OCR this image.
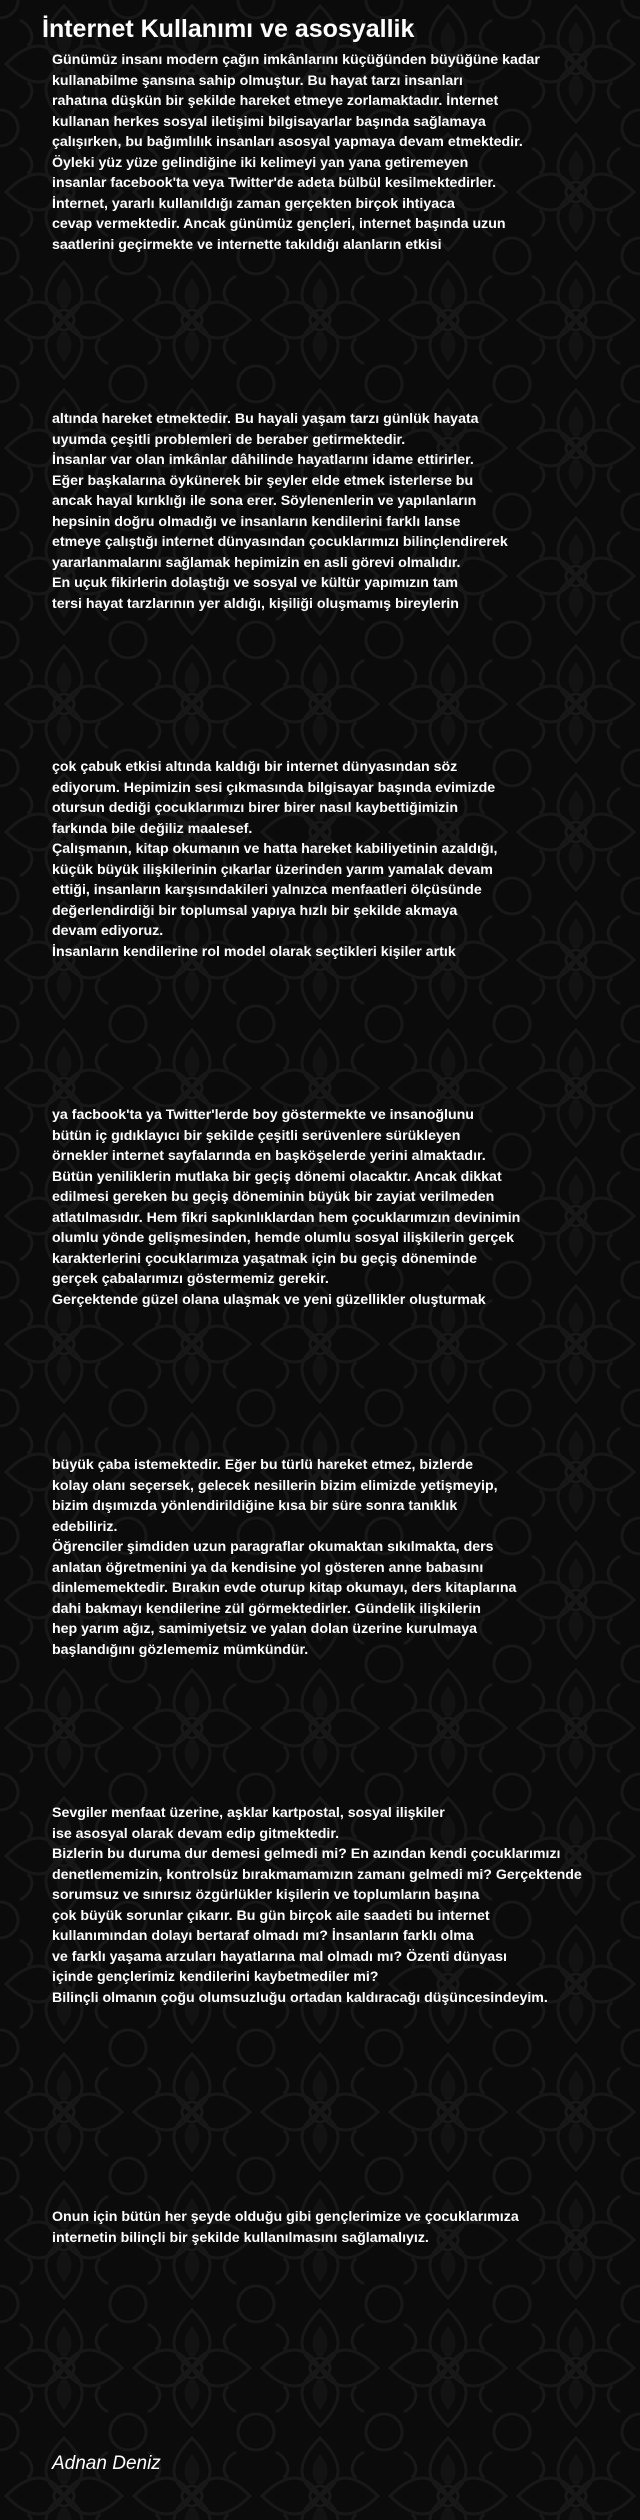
İnternet Kullanımı ve asosyallik
Günümüz insanı modern çağın imkânlarını küçüğünden büyüğüne kadar
kullanabilme şansına sahip olmuştur. Bu hayat tarzı insanları
rahatına düşkün bir şekilde hareket etmeye zorlamaktadır. İnternet
kullanan herkes sosyal iletişimi bilgisayarlar başında sağlamaya
çalışırken, bu bağımlılık insanları asosyal yapmaya devam etmektedir.
Öyleki yüz yüze gelindiğine iki kelimeyi yan yana getiremeyen
insanlar facebook'ta veya Twitter'de adeta bülbül kesilmektedirler.
İnternet, yararlı kullanıldığı zaman gerçekten birçok ihtiyaca
cevap vermektedir. Ancak günümüz gençleri, internet başında uzun
saatlerini geçirmekte ve internette takıldığı alanların etkisi
altında hareket etmektedir. Bu hayali yaşam tarzı günlük hayata
uyumda çeşitli problemleri de beraber getirmektedir.
İnsanlar var olan imkânlar dâhilinde hayatlarını idame ettirirler.
Eğer başkalarına öykünerek bir şeyler elde etmek isterlerse bu
ancak hayal kırıklığı ile sona erer. Söylenenlerin ve yapılanların
hepsinin doğru olmadığı ve insanların kendilerini farklı lanse
etmeye çalıştığı internet dünyasından çocuklarımızı bilinçlendirerek
yararlanmalarını sağlamak hepimizin en asli görevi olmalıdır.
En uçuk fikirlerin dolaştığı ve sosyal ve kültür yapımızın tam
tersi hayat tarzlarının yer aldığı, kişiliği oluşmamış bireylerin
çok çabuk etkisi altında kaldığı bir internet dünyasından söz
ediyorum. Hepimizin sesi çıkmasında bilgisayar başında evimizde
otursun dediği çocuklarımızı birer birer nasıl kaybettiğimizin
farkında bile değiliz maalesef.
Çalışmanın, kitap okumanın ve hatta hareket kabiliyetinin azaldığı,
küçük büyük ilişkilerinin çıkarlar üzerinden yarım yamalak devam
ettiği, insanların karşısındakileri yalnızca menfaatleri ölçüsünde
değerlendirdiği bir toplumsal yapıya hızlı bir şekilde akmaya
devam ediyoruz.
İnsanların kendilerine rol model olarak seçtikleri kişiler artık
ya facbook'ta ya Twitter'lerde boy göstermekte ve insanoğlunu
bütün iç gıdıklayıcı bir şekilde çeşitli serüvenlere sürükleyen
örnekler internet sayfalarında en başköşelerde yerini almaktadır.
Bütün yeniliklerin mutlaka bir geçiş dönemi olacaktır. Ancak dikkat
edilmesi gereken bu geçiş döneminin büyük bir zayiat verilmeden
atlatılmasıdır. Hem fikri sapkınlıklardan hem çocuklarımızın devinimin
olumlu yönde gelişmesinden, hemde olumlu sosyal ilişkilerin gerçek
karakterlerini çocuklarımıza yaşatmak için bu geçiş döneminde
gerçek çabalarımızı göstermemiz gerekir.
Gerçektende güzel olana ulaşmak ve yeni güzellikler oluşturmak
büyük çaba istemektedir. Eğer bu türlü hareket etmez, bizlerde
kolay olanı seçersek, gelecek nesillerin bizim elimizde yetişmeyip,
bizim dışımızda yönlendirildiğine kısa bir süre sonra tanıklık
edebiliriz.
Öğrenciler şimdiden uzun paragraflar okumaktan sıkılmakta, ders
anlatan öğretmenini ya da kendisine yol gösteren anne babasını
dinlememektedir. Bırakın evde oturup kitap okumayı, ders kitaplarına
dahi bakmayı kendilerine zül görmektedirler. Gündelik ilişkilerin
hep yarım ağız, samimiyetsiz ve yalan dolan üzerine kurulmaya
başlandığını gözlememiz mümkündür.
Sevgiler menfaat üzerine, aşklar kartpostal, sosyal ilişkiler
ise asosyal olarak devam edip gitmektedir.
Bizlerin bu duruma dur demesi gelmedi mi? En azından kendi çocuklarımızı
denetlememizin, kontrolsüz bırakmamamızın zamanı gelmedi mi? Gerçektende
sorumsuz ve sınırsız özgürlükler kişilerin ve toplumların başına
çok büyük sorunlar çıkarır. Bu gün birçok aile saadeti bu internet
kullanımından dolayı bertaraf olmadı mı? İnsanların farklı olma
ve farklı yaşama arzuları hayatlarına mal olmadı mı? Özenti dünyası
içinde gençlerimiz kendilerini kaybetmediler mi?
Bilinçli olmanın çoğu olumsuzluğu ortadan kaldıracağı düşüncesindeyim.
Onun için bütün her şeyde olduğu gibi gençlerimize ve çocuklarımıza
internetin bilinçli bir şekilde kullanılmasını sağlamalıyız.

Adnan Deniz
